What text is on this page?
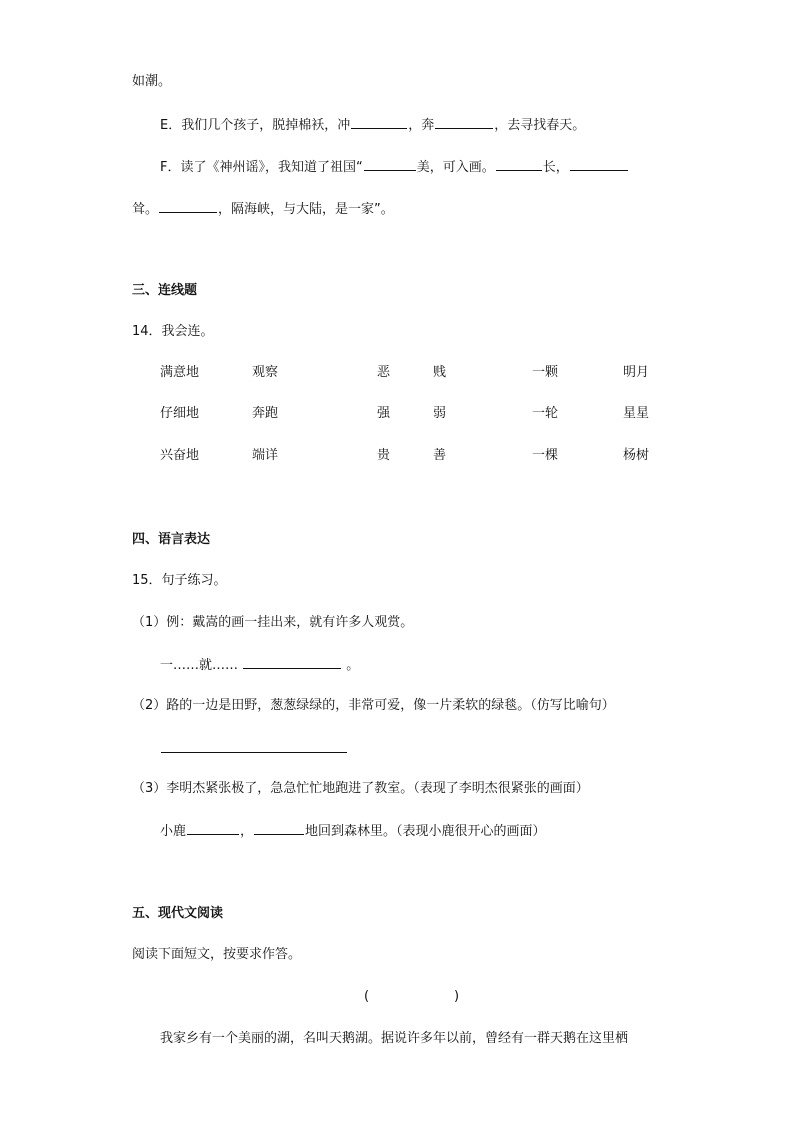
如潮。
E．我们几个孩子，脱掉棉袄，冲	，奔	，去寻找春天。
F．读了《神州谣》，我知道了祖国“	美，可入画。	长，
耸。	，隔海峡，与大陆，是一家”。
三、连线题
14．我会连。
满意地	观察	恶	贱	一颗	明月
仔细地	奔跑	强	弱	一轮	星星
兴奋地	端详	贵	善	一棵	杨树
四、语言表达
15．句子练习。
（1）例：戴嵩的画一挂出来，就有许多人观赏。
一……就……	。
（2）路的一边是田野，葱葱绿绿的，非常可爱，像一片柔软的绿毯。（仿写比喻句）
（3）李明杰紧张极了，急急忙忙地跑进了教室。（表现了李明杰很紧张的画面）
小鹿	，	地回到森林里。（表现小鹿很开心的画面）
五、现代文阅读
阅读下面短文，按要求作答。
(	)
我家乡有一个美丽的湖，名叫天鹅湖。据说许多年以前，曾经有一群天鹅在这里栖
